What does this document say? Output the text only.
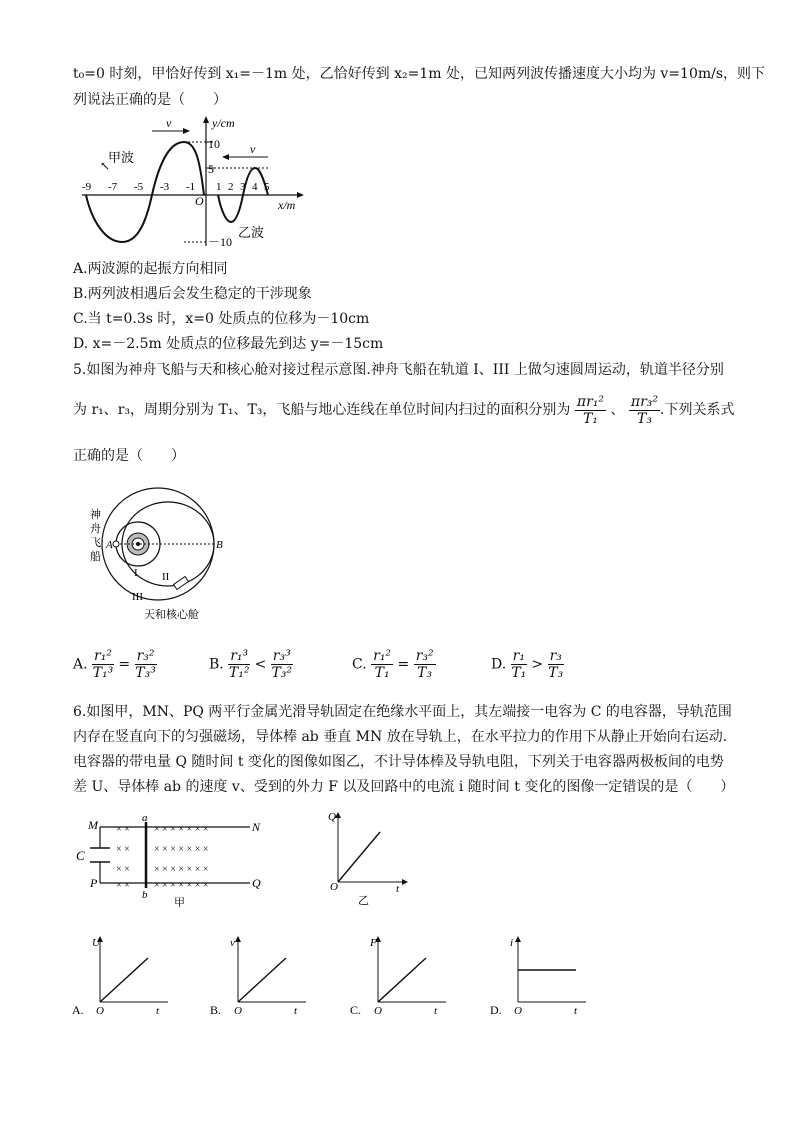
t₀=0 时刻，甲恰好传到 x₁=－1m 处，乙恰好传到 x₂=1m 处，已知两列波传播速度大小均为 v=10m/s，则下
列说法正确的是（　　）
y/cm
x/m
O
10
5
－10
-9 -7 -5 -3 -1 1 2 3 4 5
甲波
↖
v
v
乙波
A.两波源的起振方向相同
B.两列波相遇后会发生稳定的干涉现象
C.当 t=0.3s 时，x=0 处质点的位移为－10cm
D. x=－2.5m 处质点的位移最先到达 y=－15cm
5.如图为神舟飞船与天和核心舱对接过程示意图.神舟飞船在轨道 I、III 上做匀速圆周运动，轨道半径分别
为 r₁、r₃，周期分别为 T₁、T₃，飞船与地心连线在单位时间内扫过的面积分别为 $\frac{\text{πr₁²}}{\text{T₁}}$ 、 $\frac{\text{πr₃²}}{\text{T₃}}$ .下列关系式
正确的是（　　）
A	B
神
舟
飞
船
I II
III
天和核心舱
A. $\frac{\text{r₁²}}{\text{T₁³}} = \frac{\text{r₃²}}{\text{T₃³}}$	B. $\frac{\text{r₁³}}{\text{T₁²}} < \frac{\text{r₃³}}{\text{T₃²}}$	C. $\frac{\text{r₁²}}{\text{T₁}} = \frac{\text{r₃²}}{\text{T₃}}$	D. $\frac{\text{r₁}}{\text{T₁}} > \frac{\text{r₃}}{\text{T₃}}$
6.如图甲，MN、PQ 两平行金属光滑导轨固定在绝缘水平面上，其左端接一电容为 C 的电容器，导轨范围
内存在竖直向下的匀强磁场，导体棒 ab 垂直 MN 放在导轨上，在水平拉力的作用下从静止开始向右运动.
电容器的带电量 Q 随时间 t 变化的图像如图乙，不计导体棒及导轨电阻，下列关于电容器两极板间的电势
差 U、导体棒 ab 的速度 v、受到的外力 F 以及回路中的电流 i 随时间 t 变化的图像一定错误的是（　　）
× × × × × × × × ×
× × × × × × × × ×
× × × × × × × × ×
× × × × × × × × ×
M	N
P	Q
C
a
b
甲
Q
t
O
乙
U
t
O
A.
v
t
O
B.
F
t
O
C.
i
t
O
D.
